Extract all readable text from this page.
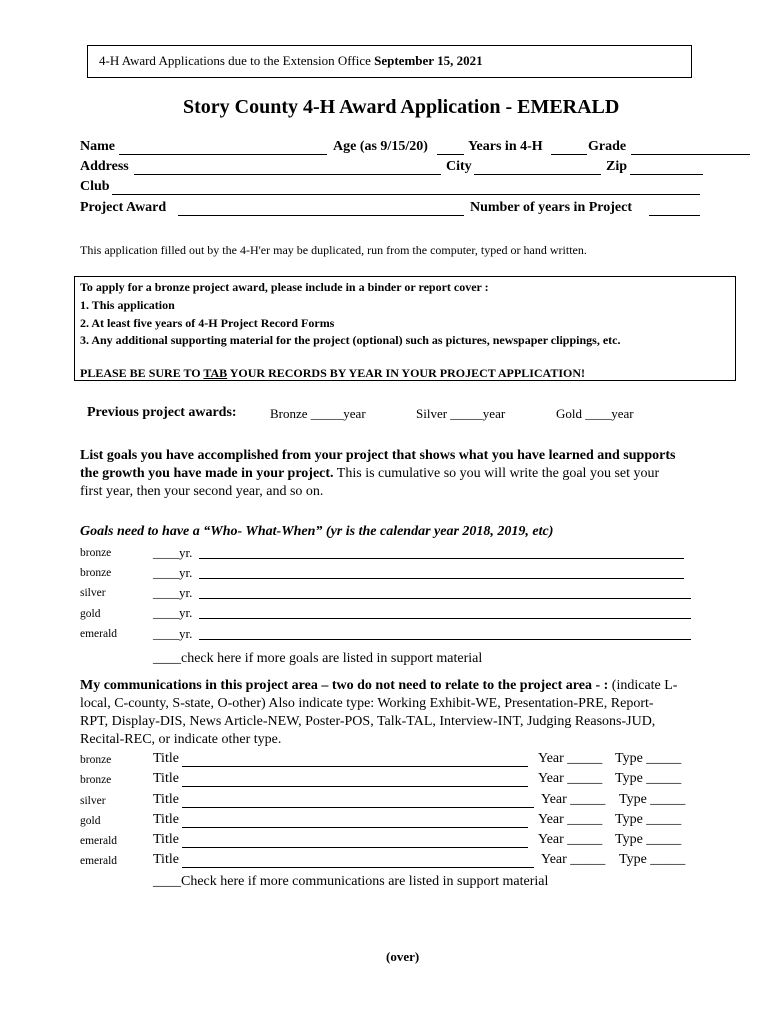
4-H Award Applications due to the Extension Office September 15, 2021
Story County 4-H Award Application - EMERALD
Name	Age (as 9/15/20)	Years in 4-H	Grade
Address	City	Zip
Club
Project Award	Number of years in Project
This application filled out by the 4-H'er may be duplicated, run from the computer, typed or hand written.
To apply for a bronze project award, please include in a binder or report cover :
1. This application
2. At least five years of 4-H Project Record Forms
3. Any additional supporting material for the project (optional) such as pictures, newspaper clippings, etc.
PLEASE BE SURE TO TAB YOUR RECORDS BY YEAR IN YOUR PROJECT APPLICATION!
Previous project awards:	Bronze _____year	Silver _____year	Gold ____year
List goals you have accomplished from your project that shows what you have learned and supports
the growth you have made in your project. This is cumulative so you will write the goal you set your
first year, then your second year, and so on.
Goals need to have a “Who- What-When” (yr is the calendar year 2018, 2019, etc)
bronze	____yr.
bronze	____yr.
silver	____yr.
gold	____yr.
emerald	____yr.
____check here if more goals are listed in support material
My communications in this project area – two do not need to relate to the project area - : (indicate L-
local, C-county, S-state, O-other) Also indicate type: Working Exhibit-WE, Presentation-PRE, Report-
RPT, Display-DIS, News Article-NEW, Poster-POS, Talk-TAL, Interview-INT, Judging Reasons-JUD,
Recital-REC, or indicate other type.
bronze	Title	Year _____ Type _____
bronze	Title	Year _____ Type _____
silver	Title	Year _____ Type _____
gold	Title	Year _____ Type _____
emerald	Title	Year _____ Type _____
emerald	Title	Year _____ Type _____
____Check here if more communications are listed in support material
(over)
